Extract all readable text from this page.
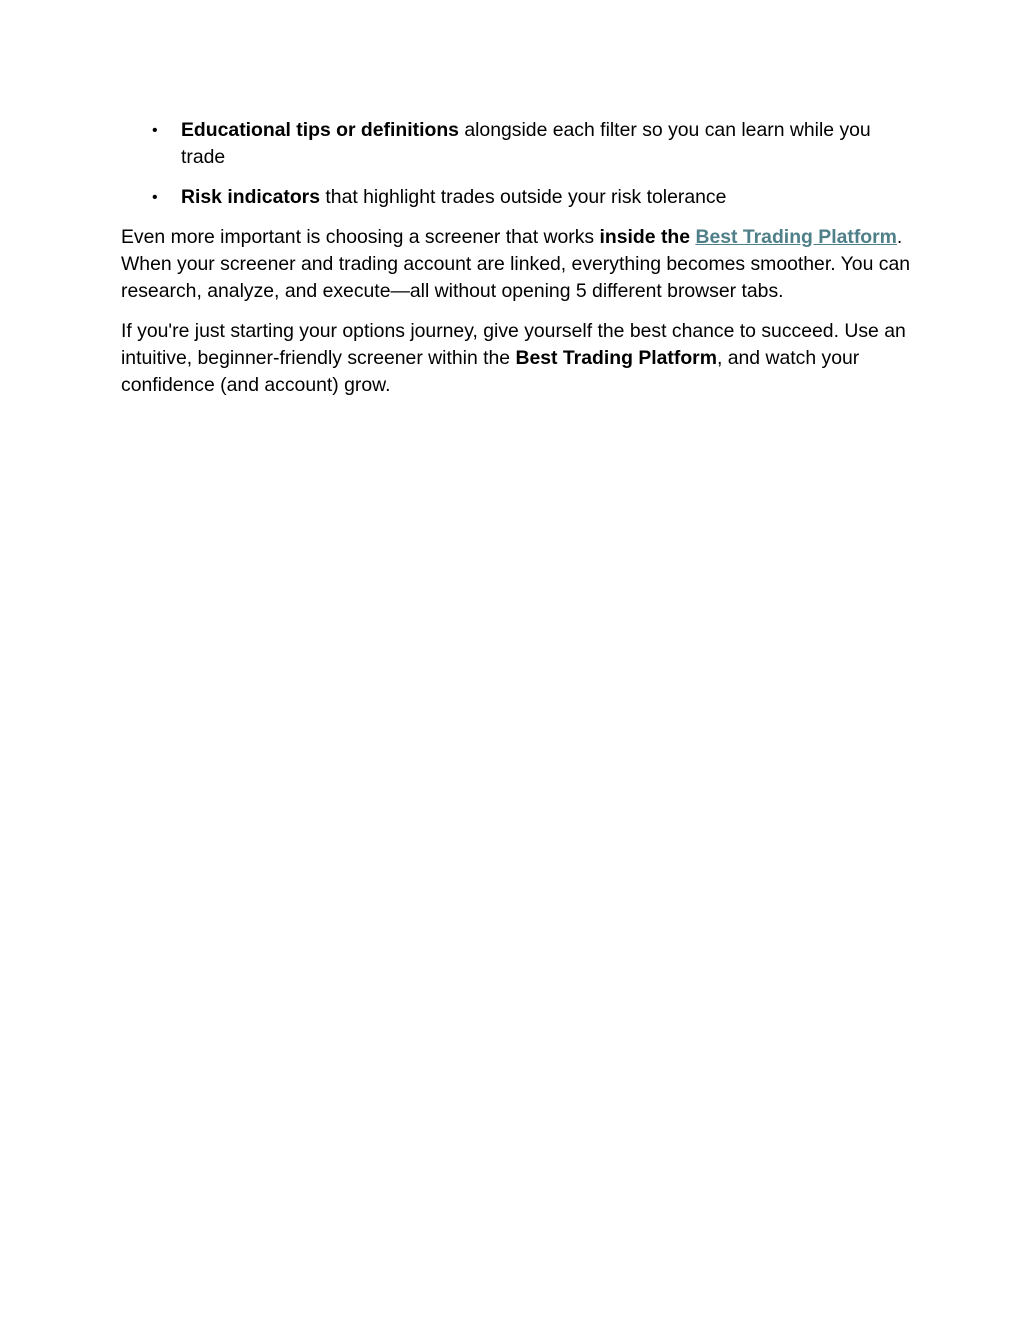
• Educational tips or definitions alongside each filter so you can learn while you trade
• Risk indicators that highlight trades outside your risk tolerance

Even more important is choosing a screener that works inside the Best Trading Platform. When your screener and trading account are linked, everything becomes smoother. You can research, analyze, and execute—all without opening 5 different browser tabs.

If you're just starting your options journey, give yourself the best chance to succeed. Use an intuitive, beginner-friendly screener within the Best Trading Platform, and watch your confidence (and account) grow.
